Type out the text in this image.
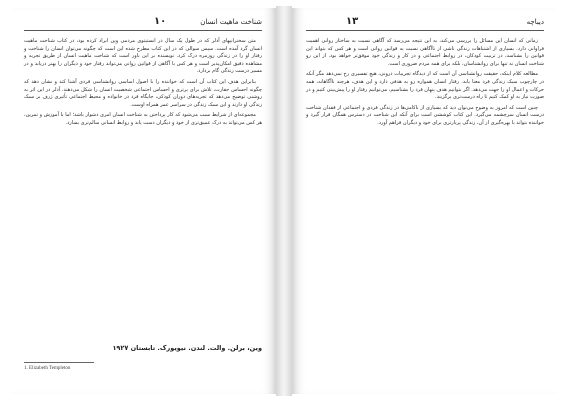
۱۰	شناخت ماهیت انسان

متن سخنرانیهای آدلر که در طول یک سال در انستیتوی مردمی وین ایراد کرده بود، در کتاب شناخت ماهیت انسان گرد آمده است. سپس سوالی که در این کتاب مطرح شده این است که چگونه می‌توان انسان را شناخت و رفتار او را در زندگی روزمره درک کرد. نویسنده بر این باور است که شناخت ماهیت انسان از طریق تجربه و مشاهده دقیق امکان‌پذیر است و هر کس با آگاهی از قوانین روانی می‌تواند رفتار خود و دیگران را بهتر دریابد و در مسیر درست زندگی گام بردارد.

بنابراین هدف این کتاب آن است که خواننده را با اصول اساسی روانشناسی فردی آشنا کند و نشان دهد که چگونه احساس حقارت، تلاش برای برتری و احساس اجتماعی شخصیت انسان را شکل می‌دهند. آدلر در این اثر به روشنی توضیح می‌دهد که تجربه‌های دوران کودکی، جایگاه فرد در خانواده و محیط اجتماعی تأثیری ژرف بر سبک زندگی او دارند و این سبک زندگی در سراسر عمر همراه اوست.

مجموعه‌ای از شرایط سبب می‌شود که کار پرداختن به شناخت انسان امری دشوار باشد؛ اما با آموزش و تمرین، هر کس می‌تواند به درک عمیق‌تری از خود و دیگران دست یابد و روابط انسانی سالم‌تری بسازد.

وین، برلن. والت. لندن. نیویورک. تابستان ۱۹۲۷
1. Elizabeth Templeton
۱۳	دیباچه

زمانی که انسان این مسائل را بررسی می‌کند، به این نتیجه می‌رسد که آگاهی نسبت به ساختار روانی اهمیت فراوانی دارد. بسیاری از اشتباهات زندگی ناشی از ناآگاهی نسبت به قوانین روانی است و هر کس که بتواند این قوانین را بشناسد، در تربیت کودکان، در روابط اجتماعی و در کار و زندگی خود موفق‌تر خواهد بود. از این رو شناخت انسان نه تنها برای روانشناسان، بلکه برای همه مردم ضروری است.

مطالعه کلام اینکه، حقیقت روانشناسی آن است که از دیدگاه تجربیات درونی، هیچ تفسیری رخ نمی‌دهد مگر آنکه در چارچوب سبک زندگی فرد معنا یابد. رفتار انسان همواره رو به هدفی دارد و این هدف، هرچند ناآگاهانه، همه حرکات و اعمال او را جهت می‌دهد. اگر بتوانیم هدف پنهان فرد را بشناسیم، می‌توانیم رفتار او را پیش‌بینی کنیم و در صورت نیاز به او کمک کنیم تا راه درست‌تری برگزیند.

چنین است که امروز به وضوح می‌توان دید که بسیاری از ناکامی‌ها در زندگی فردی و اجتماعی از فقدان شناخت درست انسان سرچشمه می‌گیرد. این کتاب کوششی است برای آنکه این شناخت در دسترس همگان قرار گیرد و خواننده بتواند با بهره‌گیری از آن، زندگی پربارتری برای خود و دیگران فراهم آورد.
